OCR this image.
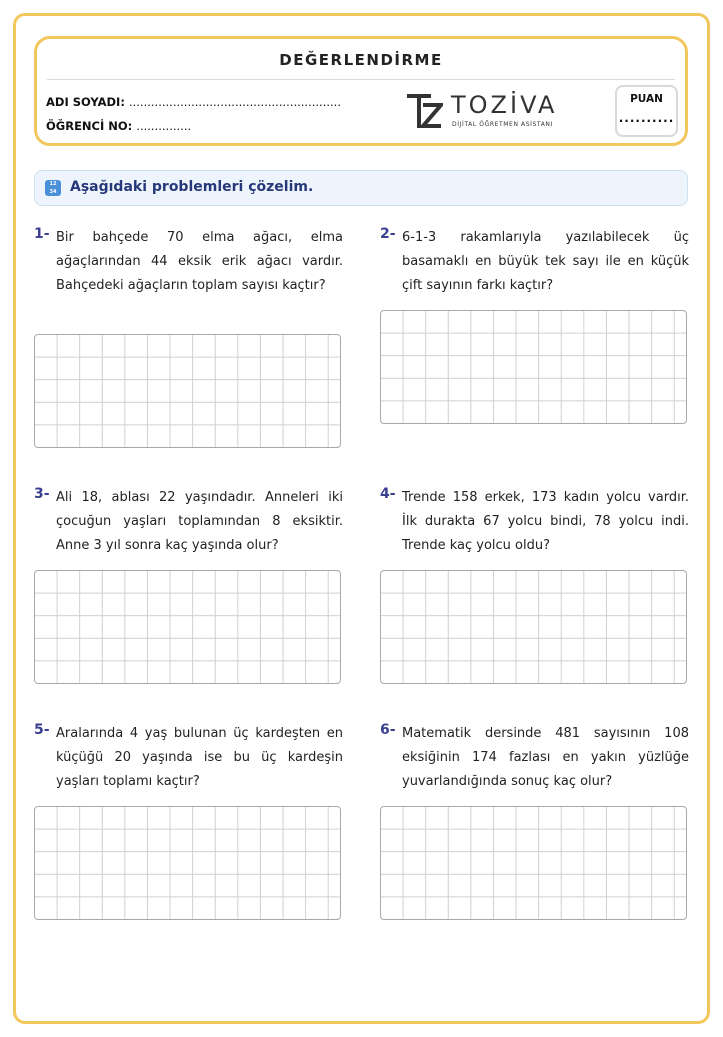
DEĞERLENDİRME
ADI SOYADI: ..........................................................
ÖĞRENCİ NO: ...............
TOZİVA
DİJİTAL ÖĞRETMEN ASİSTANI
PUAN
..........
12
34 Aşağıdaki problemleri çözelim.
1- Bir bahçede 70 elma ağacı, elma ağaçlarından 44 eksik erik ağacı vardır. Bahçedeki ağaçların toplam sayısı kaçtır?
2- 6-1-3 rakamlarıyla yazılabilecek üç basamaklı en büyük tek sayı ile en küçük çift sayının farkı kaçtır?
3- Ali 18, ablası 22 yaşındadır. Anneleri iki çocuğun yaşları toplamından 8 eksiktir. Anne 3 yıl sonra kaç yaşında olur?
4- Trende 158 erkek, 173 kadın yolcu vardır. İlk durakta 67 yolcu bindi, 78 yolcu indi. Trende kaç yolcu oldu?
5- Aralarında 4 yaş bulunan üç kardeşten en küçüğü 20 yaşında ise bu üç kardeşin yaşları toplamı kaçtır?
6- Matematik dersinde 481 sayısının 108 eksiğinin 174 fazlası en yakın yüzlüğe yuvarlandığında sonuç kaç olur?
